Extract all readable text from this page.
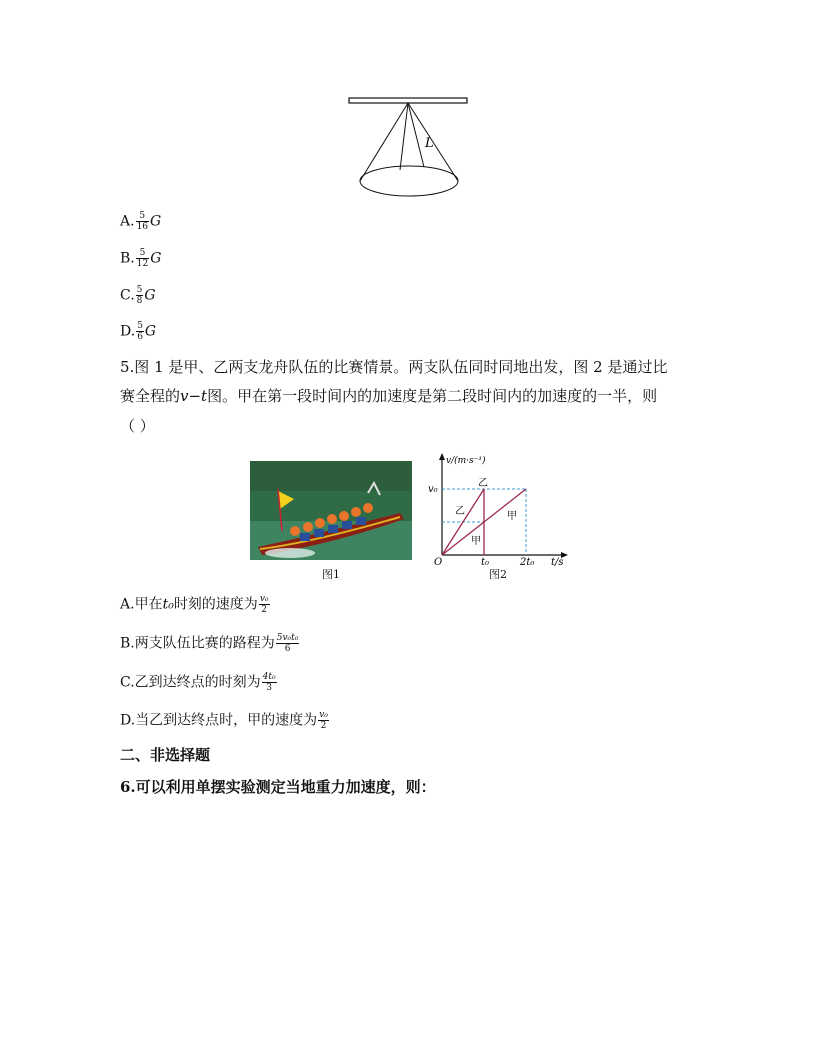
L
A. $\frac{5}{16}$ G
B. $\frac{5}{12}$ G
C. $\frac{5}{8}$ G
D. $\frac{5}{6}$ G
5.图 1 是甲、乙两支龙舟队伍的比赛情景。两支队伍同时同地出发，图 2 是通过比
赛全程的v−t图。甲在第一段时间内的加速度是第二段时间内的加速度的一半，则
（ ）
图1
v/(m·s⁻¹)
v₀
O	t₀	2t₀ t/s
乙
乙	甲
甲
图2
A.甲在t₀时刻的速度为 $\frac{\text{v₀}}{2}$
B.两支队伍比赛的路程为 $\frac{\text{5v₀t₀}}{6}$
C.乙到达终点的时刻为 $\frac{\text{4t₀}}{3}$
D.当乙到达终点时，甲的速度为 $\frac{\text{v₀}}{2}$
二、非选择题
6.可以利用单摆实验测定当地重力加速度，则：
